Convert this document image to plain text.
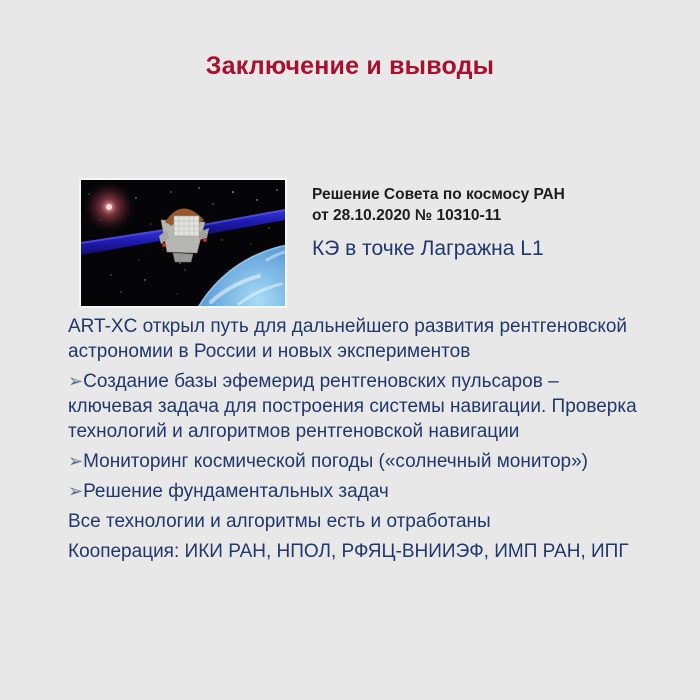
Заключение и выводы
Решение Совета по космосу РАН
от 28.10.2020 № 10310-11
КЭ в точке Лагражна L1
ART-XC открыл путь для дальнейшего развития рентгеновской
астрономии в России и новых экспериментов
➢Создание базы эфемерид рентгеновских пульсаров –
ключевая задача для построения системы навигации. Проверка
технологий и алгоритмов рентгеновской навигации
➢Мониторинг космической погоды («солнечный монитор»)
➢Решение фундаментальных задач
Все технологии и алгоритмы есть и отработаны
Кооперация: ИКИ РАН, НПОЛ, РФЯЦ-ВНИИЭФ, ИМП РАН, ИПГ
